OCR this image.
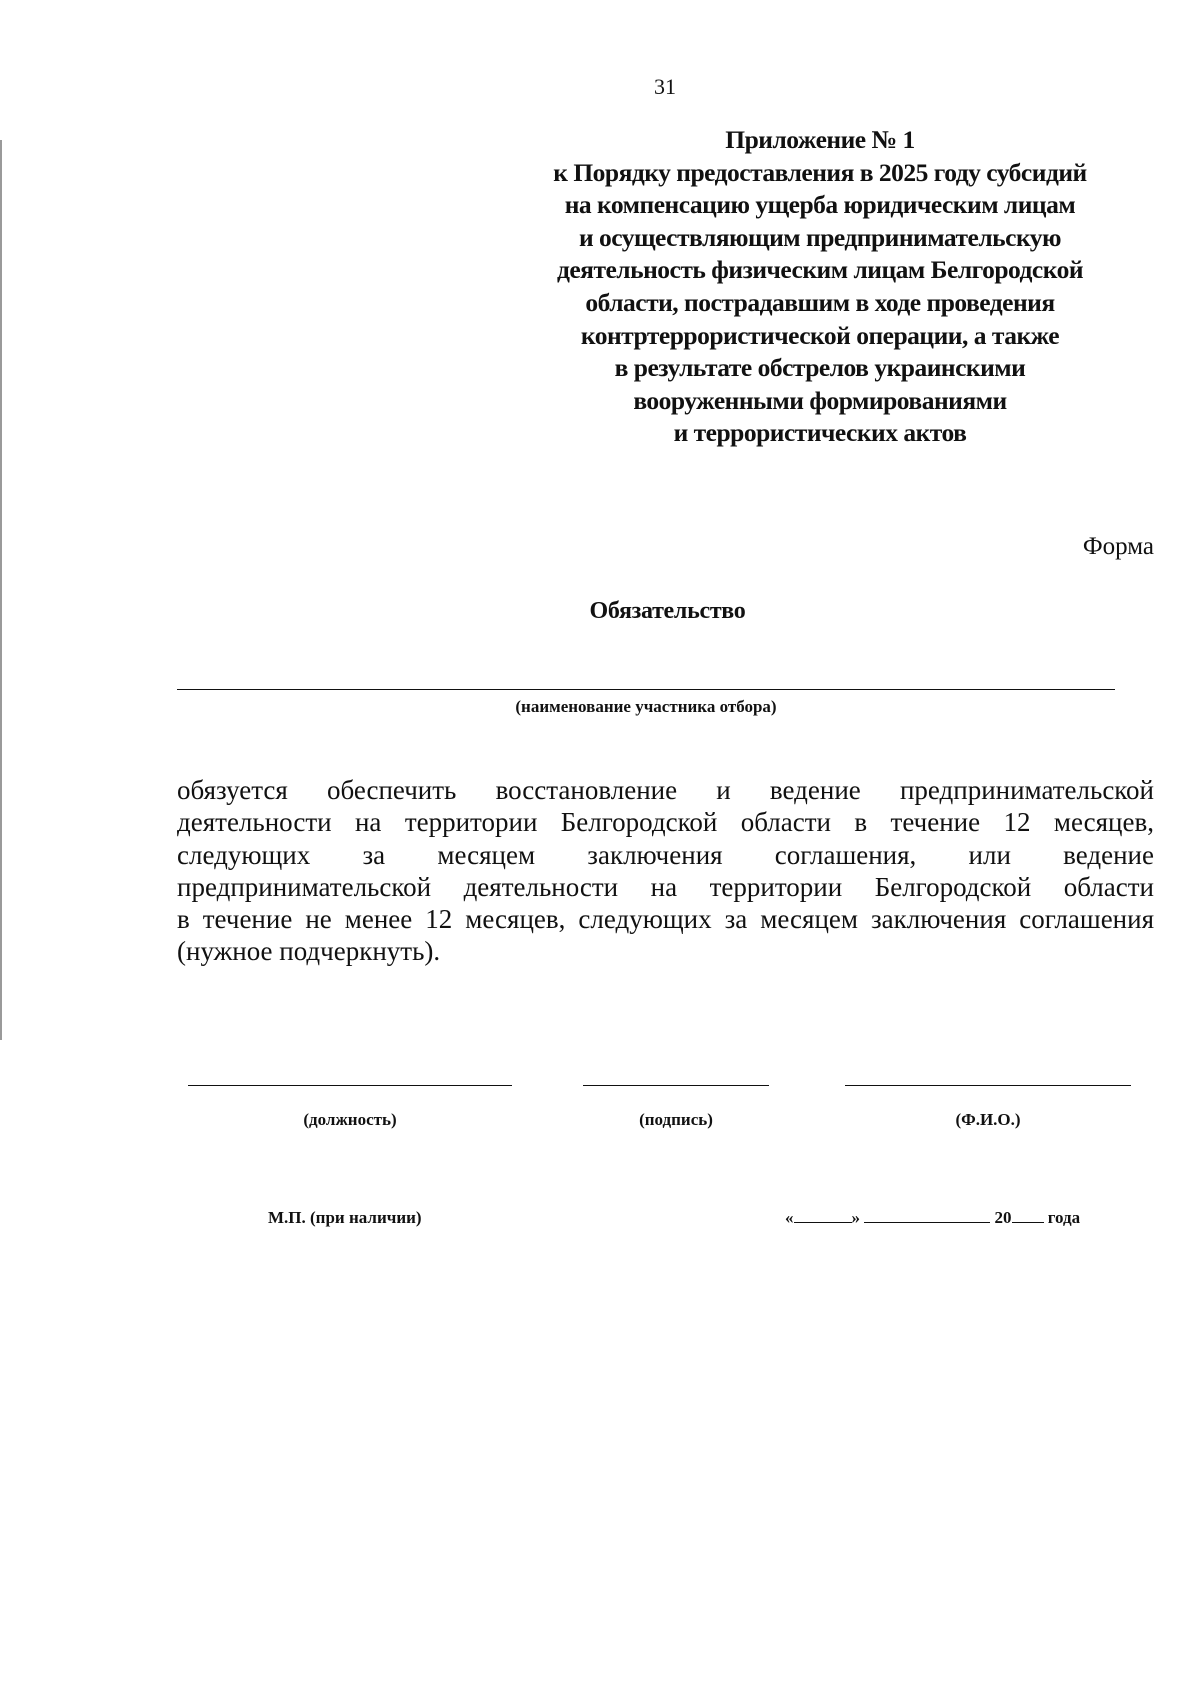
31
Приложение № 1
к Порядку предоставления в 2025 году субсидий
на компенсацию ущерба юридическим лицам
и осуществляющим предпринимательскую
деятельность физическим лицам Белгородской
области, пострадавшим в ходе проведения
контртеррористической операции, а также
в результате обстрелов украинскими
вооруженными формированиями
и террористических актов
Форма
Обязательство
(наименование участника отбора)
обязуется обеспечить восстановление и ведение предпринимательской
деятельности на территории Белгородской области в течение 12 месяцев,
следующих за месяцем заключения соглашения, или ведение
предпринимательской деятельности на территории Белгородской области
в течение не менее 12 месяцев, следующих за месяцем заключения соглашения
(нужное подчеркнуть).
(должность)	(подпись)	(Ф.И.О.)
М.П. (при наличии)	«	»	20 года
